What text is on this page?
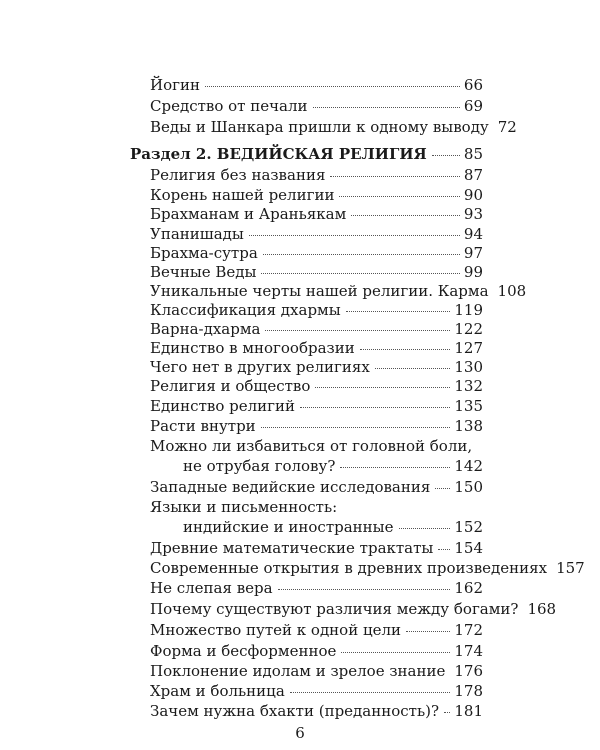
Йогин	66
Средство от печали	69
Веды и Шанкара пришли к одному выводу 72
Раздел 2. ВЕДИЙСКАЯ РЕЛИГИЯ 85
Религия без названия	87
Корень нашей религии	90
Брахманам и Араньякам	93
Упанишады	94
Брахма-сутра	97
Вечные Веды	99
Уникальные черты нашей религии. Карма 108
Классификация дхармы	119
Варна-дхарма	122
Единство в многообразии	127
Чего нет в других религиях	130
Религия и общество	132
Единство религий	135
Расти внутри	138
Можно ли избавиться от головной боли,
не отрубая голову?	142
Западные ведийские исследования 150
Языки и письменность:
индийские и иностранные	152
Древние математические трактаты 154
Современные открытия в древних произведениях 157
Не слепая вера	162
Почему существуют различия между богами? 168
Множество путей к одной цели	172
Форма и бесформенное	174
Поклонение идолам и зрелое знание 176
Храм и больница	178
Зачем нужна бхакти (преданность)? 181
6
